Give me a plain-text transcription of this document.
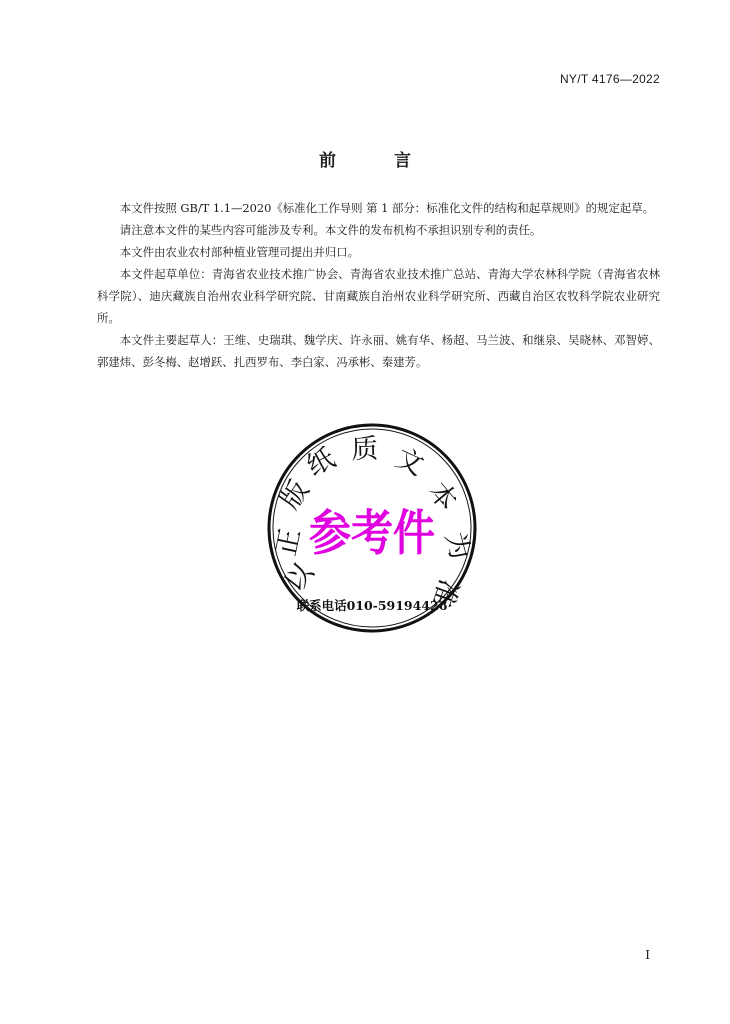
NY/T 4176—2022
前 言

本文件按照 GB/T 1.1—2020《标准化工作导则 第 1 部分：标准化文件的结构和起草规则》的规定起草。

请注意本文件的某些内容可能涉及专利。本文件的发布机构不承担识别专利的责任。

本文件由农业农村部种植业管理司提出并归口。

本文件起草单位：青海省农业技术推广协会、青海省农业技术推广总站、青海大学农林科学院（青海省农林科学院）、迪庆藏族自治州农业科学研究院、甘南藏族自治州农业科学研究所、西藏自治区农牧科学院农业研究所。

本文件主要起草人：王维、史瑞琪、魏学庆、许永丽、姚有华、杨超、马兰波、和继泉、吴晓林、邓智婷、郭建炜、彭冬梅、赵增跃、扎西罗布、李白家、冯承彬、秦建芳。

以
正
版
纸 质 文
本
为
准
参考件
联系电话010-59194426
I
